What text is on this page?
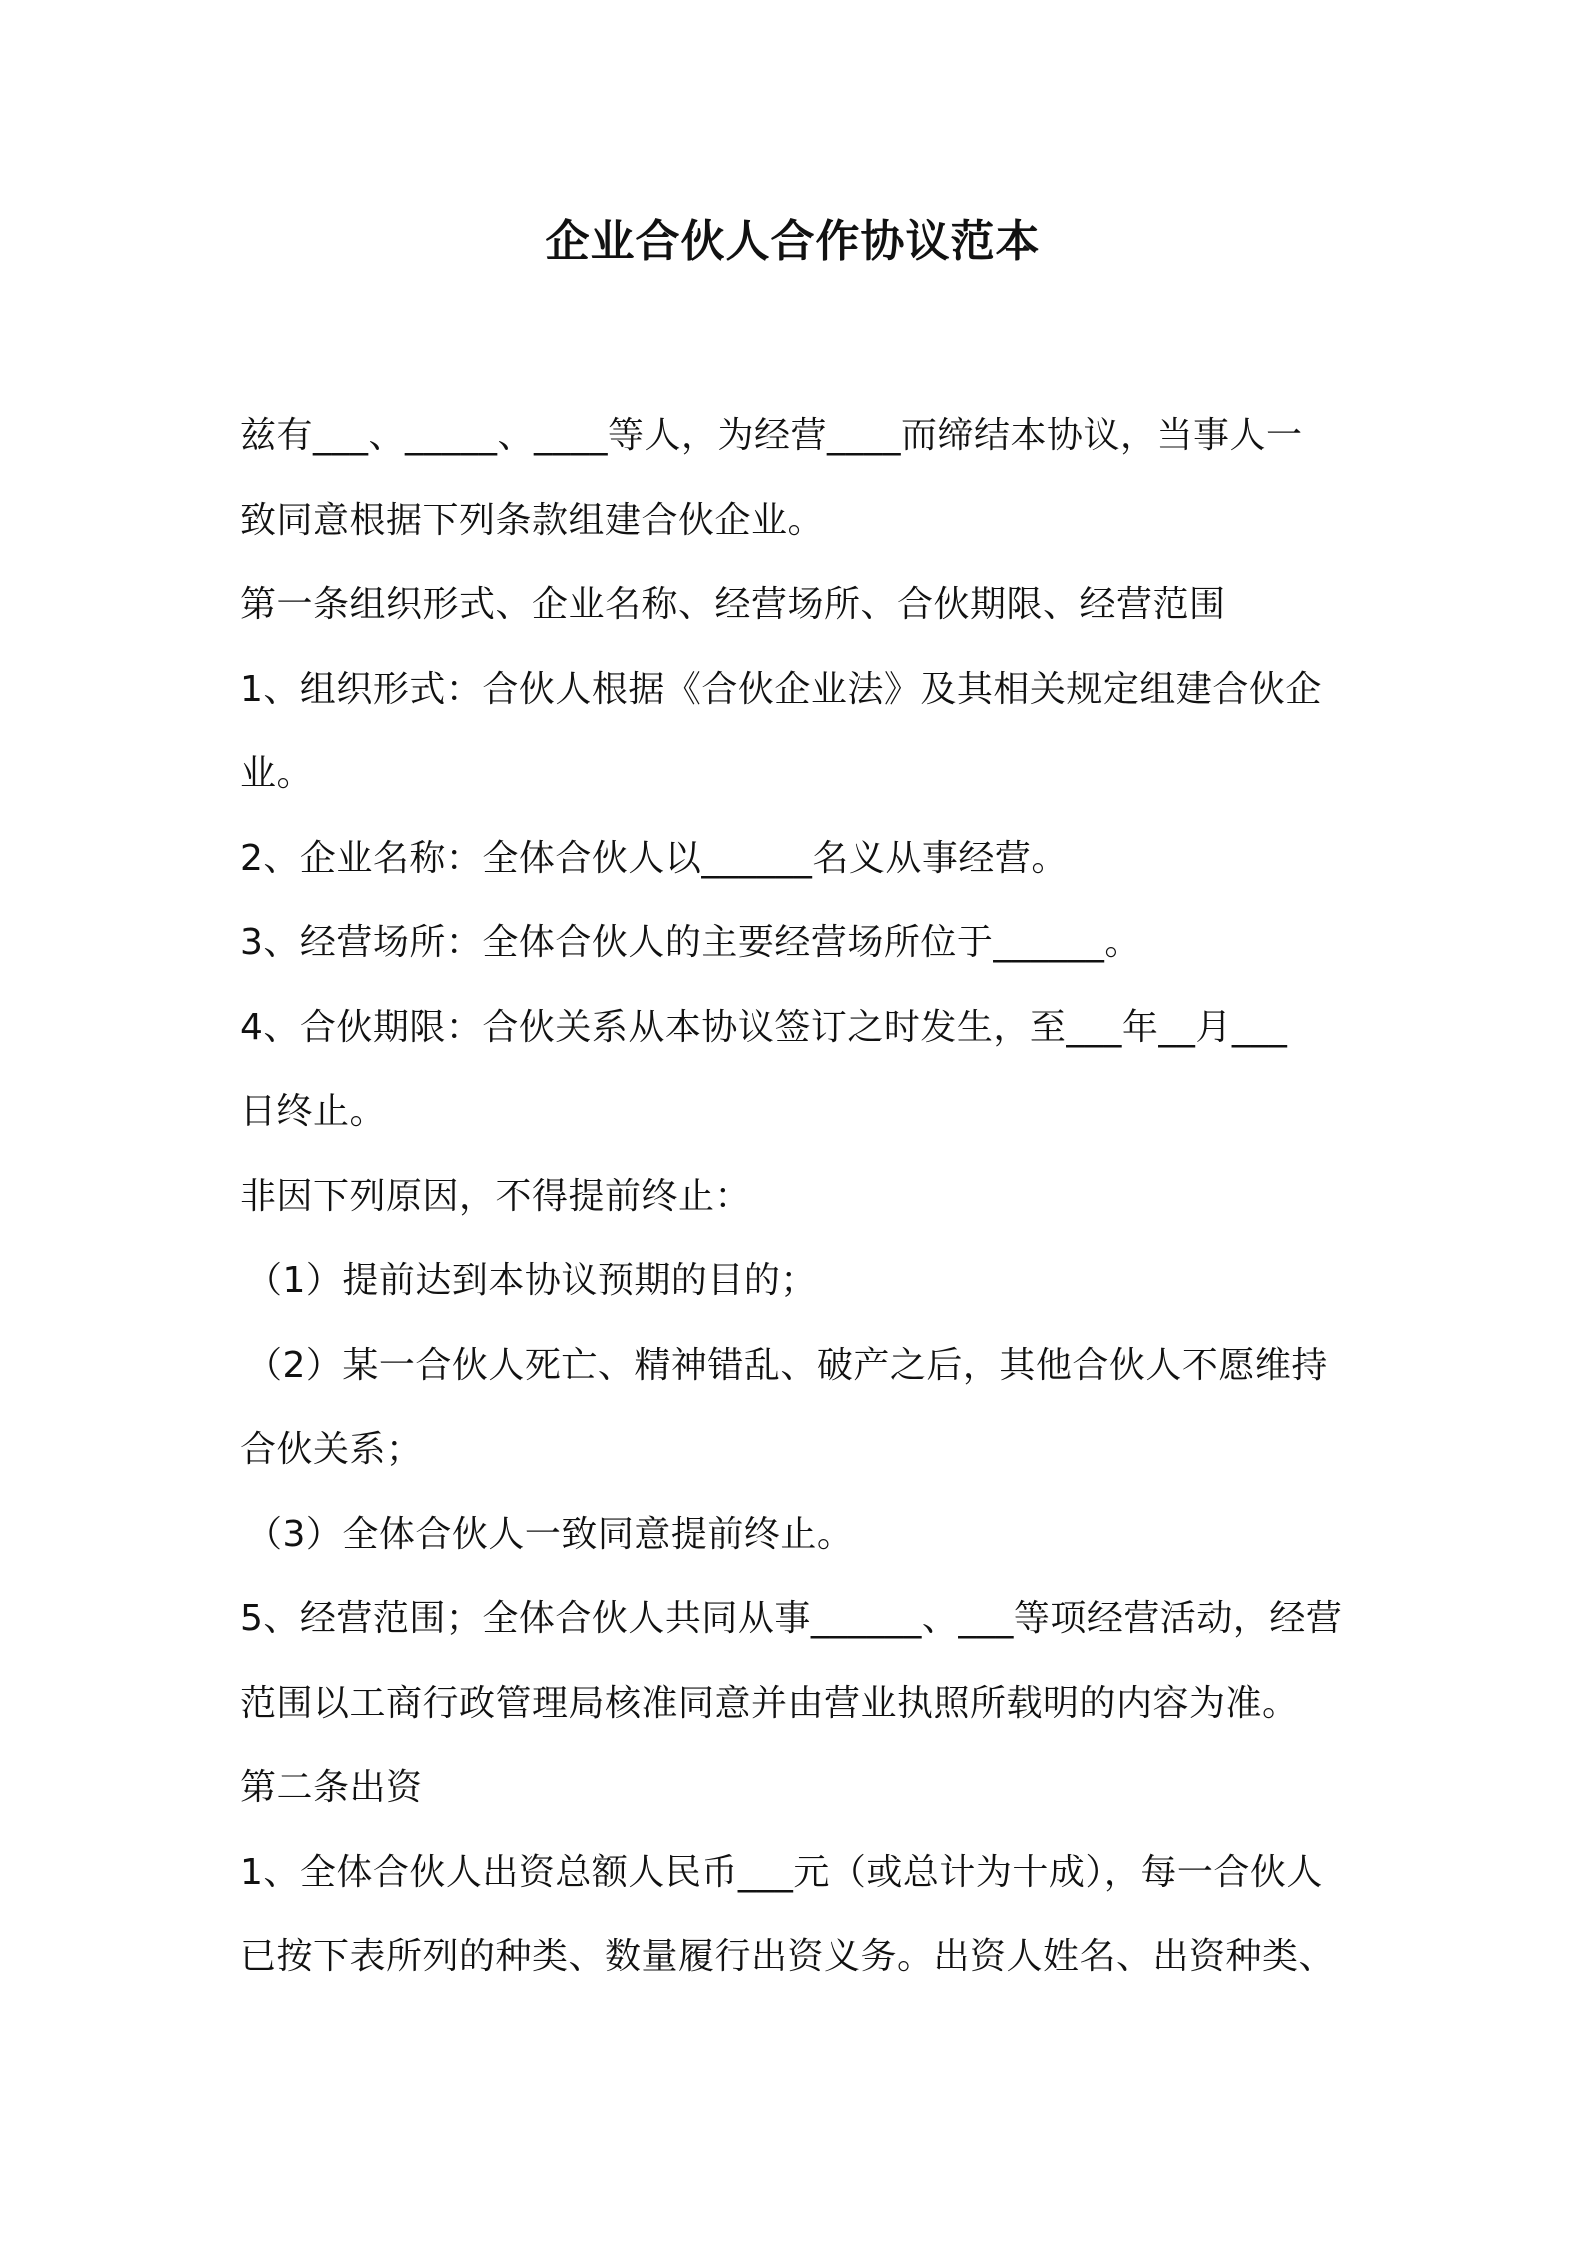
企业合伙人合作协议范本
兹有___、_____、____等人，为经营____而缔结本协议，当事人一
致同意根据下列条款组建合伙企业。
第一条组织形式、企业名称、经营场所、合伙期限、经营范围
1、组织形式：合伙人根据《合伙企业法》及其相关规定组建合伙企
业。
2、企业名称：全体合伙人以______名义从事经营。
3、经营场所：全体合伙人的主要经营场所位于______。
4、合伙期限：合伙关系从本协议签订之时发生，至___年__月___
日终止。
非因下列原因，不得提前终止：
（1）提前达到本协议预期的目的；
（2）某一合伙人死亡、精神错乱、破产之后，其他合伙人不愿维持
合伙关系；
（3）全体合伙人一致同意提前终止。
5、经营范围；全体合伙人共同从事______、___等项经营活动，经营
范围以工商行政管理局核准同意并由营业执照所载明的内容为准。
第二条出资
1、全体合伙人出资总额人民币___元（或总计为十成），每一合伙人
已按下表所列的种类、数量履行出资义务。出资人姓名、出资种类、
